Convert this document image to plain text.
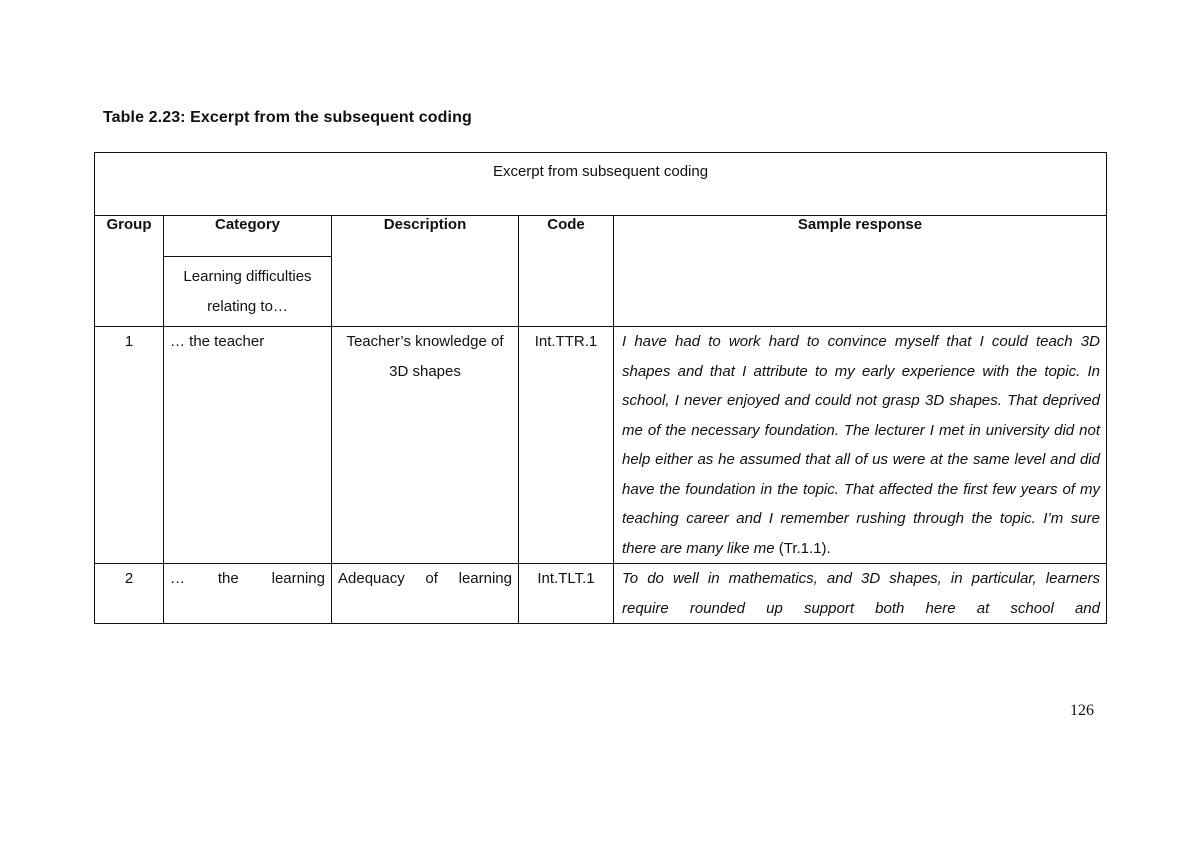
Table 2.23: Excerpt from the subsequent coding
Excerpt from subsequent coding				
Group	Category	Description	Code	Sample response
	Learning difficulties relating to…			
1	… the teacher	Teacher’s knowledge of 3D shapes	Int.TTR.1	I have had to work hard to convince myself that I could teach 3D shapes and that I attribute to my early experience with the topic. In school, I never enjoyed and could not grasp 3D shapes. That deprived me of the necessary foundation. The lecturer I met in university did not help either as he assumed that all of us were at the same level and did have the foundation in the topic. That affected the first few years of my teaching career and I remember rushing through the topic. I’m sure there are many like me (Tr.1.1).
2	… the learning	Adequacy of learning	Int.TLT.1	To do well in mathematics, and 3D shapes, in particular, learners require rounded up support both here at school and
126
